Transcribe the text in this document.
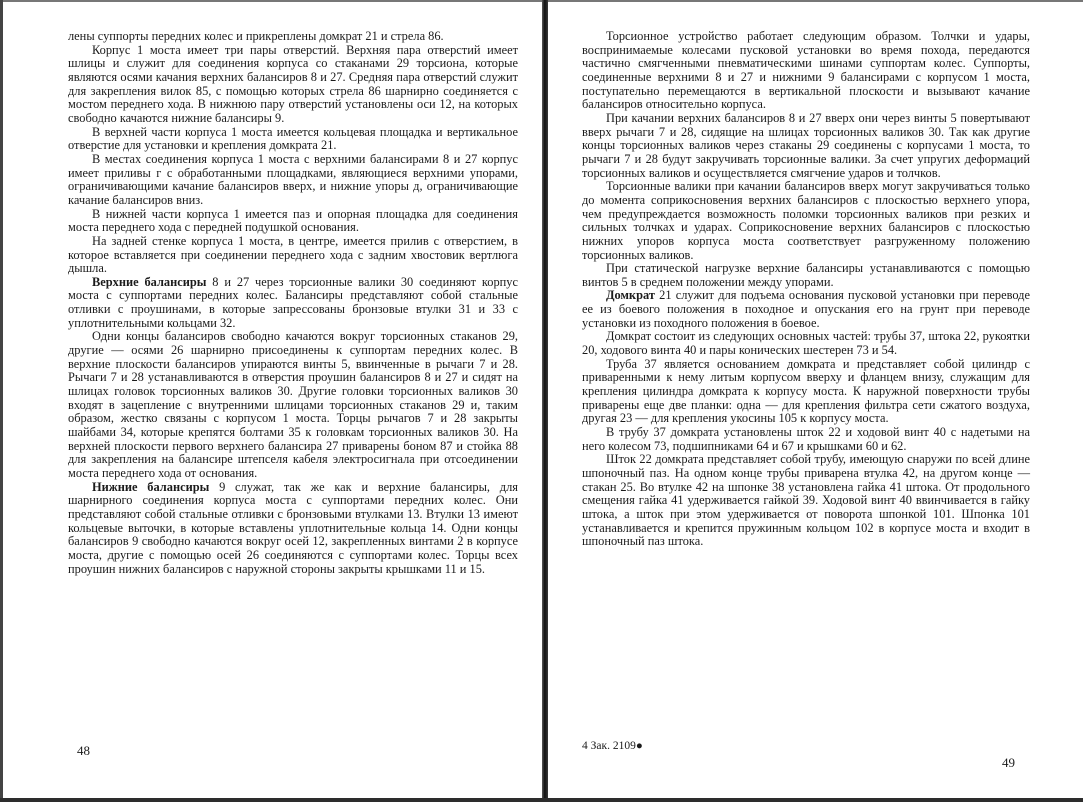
лены суппорты передних колес и прикреплены домкрат 21 и стрела 86.

Корпус 1 моста имеет три пары отверстий. Верхняя пара отверстий имеет шлицы и служит для соединения корпуса со стаканами 29 торсиона, которые являются осями качания верхних балансиров 8 и 27. Средняя пара отверстий служит для закрепления вилок 85, с помощью которых стрела 86 шарнирно соединяется с мостом переднего хода. В нижнюю пару отверстий установлены оси 12, на которых свободно качаются нижние балансиры 9.

В верхней части корпуса 1 моста имеется кольцевая площадка и вертикальное отверстие для установки и крепления домкрата 21.

В местах соединения корпуса 1 моста с верхними балансирами 8 и 27 корпус имеет приливы г с обработанными площадками, являющиеся верхними упорами, ограничивающими качание балансиров вверх, и нижние упоры д, ограничивающие качание балансиров вниз.

В нижней части корпуса 1 имеется паз и опорная площадка для соединения моста переднего хода с передней подушкой основания.

На задней стенке корпуса 1 моста, в центре, имеется прилив с отверстием, в которое вставляется при соединении переднего хода с задним хвостовик вертлюга дышла.

Верхние балансиры 8 и 27 через торсионные валики 30 соединяют корпус моста с суппортами передних колес. Балансиры представляют собой стальные отливки с проушинами, в которые запрессованы бронзовые втулки 31 и 33 с уплотнительными кольцами 32.

Одни концы балансиров свободно качаются вокруг торсионных стаканов 29, другие — осями 26 шарнирно присоединены к суппортам передних колес. В верхние плоскости балансиров упираются винты 5, ввинченные в рычаги 7 и 28. Рычаги 7 и 28 устанавливаются в отверстия проушин балансиров 8 и 27 и сидят на шлицах головок торсионных валиков 30. Другие головки торсионных валиков 30 входят в зацепление с внутренними шлицами торсионных стаканов 29 и, таким образом, жестко связаны с корпусом 1 моста. Торцы рычагов 7 и 28 закрыты шайбами 34, которые крепятся болтами 35 к головкам торсионных валиков 30. На верхней плоскости первого верхнего балансира 27 приварены боном 87 и стойка 88 для закрепления на балансире штепселя кабеля электросигнала при отсоединении моста переднего хода от основания.

Нижние балансиры 9 служат, так же как и верхние балансиры, для шарнирного соединения корпуса моста с суппортами передних колес. Они представляют собой стальные отливки с бронзовыми втулками 13. Втулки 13 имеют кольцевые выточки, в которые вставлены уплотнительные кольца 14. Одни концы балансиров 9 свободно качаются вокруг осей 12, закрепленных винтами 2 в корпусе моста, другие с помощью осей 26 соединяются с суппортами колес. Торцы всех проушин нижних балансиров с наружной стороны закрыты крышками 11 и 15.

48

Торсионное устройство работает следующим образом. Толчки и удары, воспринимаемые колесами пусковой установки во время похода, передаются частично смягченными пневматическими шинами суппортам колес. Суппорты, соединенные верхними 8 и 27 и нижними 9 балансирами с корпусом 1 моста, поступательно перемещаются в вертикальной плоскости и вызывают качание балансиров относительно корпуса.

При качании верхних балансиров 8 и 27 вверх они через винты 5 повертывают вверх рычаги 7 и 28, сидящие на шлицах торсионных валиков 30. Так как другие концы торсионных валиков через стаканы 29 соединены с корпусами 1 моста, то рычаги 7 и 28 будут закручивать торсионные валики. За счет упругих деформаций торсионных валиков и осуществляется смягчение ударов и толчков.

Торсионные валики при качании балансиров вверх могут закручиваться только до момента соприкосновения верхних балансиров с плоскостью верхнего упора, чем предупреждается возможность поломки торсионных валиков при резких и сильных толчках и ударах. Соприкосновение верхних балансиров с плоскостью нижних упоров корпуса моста соответствует разгруженному положению торсионных валиков.

При статической нагрузке верхние балансиры устанавливаются с помощью винтов 5 в среднем положении между упорами.

Домкрат 21 служит для подъема основания пусковой установки при переводе ее из боевого положения в походное и опускания его на грунт при переводе установки из походного положения в боевое.

Домкрат состоит из следующих основных частей: трубы 37, штока 22, рукоятки 20, ходового винта 40 и пары конических шестерен 73 и 54.

Труба 37 является основанием домкрата и представляет собой цилиндр с приваренными к нему литым корпусом вверху и фланцем внизу, служащим для крепления цилиндра домкрата к корпусу моста. К наружной поверхности трубы приварены еще две планки: одна — для крепления фильтра сети сжатого воздуха, другая 23 — для крепления укосины 105 к корпусу моста.

В трубу 37 домкрата установлены шток 22 и ходовой винт 40 с надетыми на него колесом 73, подшипниками 64 и 67 и крышками 60 и 62.

Шток 22 домкрата представляет собой трубу, имеющую снаружи по всей длине шпоночный паз. На одном конце трубы приварена втулка 42, на другом конце — стакан 25. Во втулке 42 на шпонке 38 установлена гайка 41 штока. От продольного смещения гайка 41 удерживается гайкой 39. Ходовой винт 40 ввинчивается в гайку штока, а шток при этом удерживается от поворота шпонкой 101. Шпонка 101 устанавливается и крепится пружинным кольцом 102 в корпусе моста и входит в шпоночный паз штока.

4 Зак. 2109●
49
